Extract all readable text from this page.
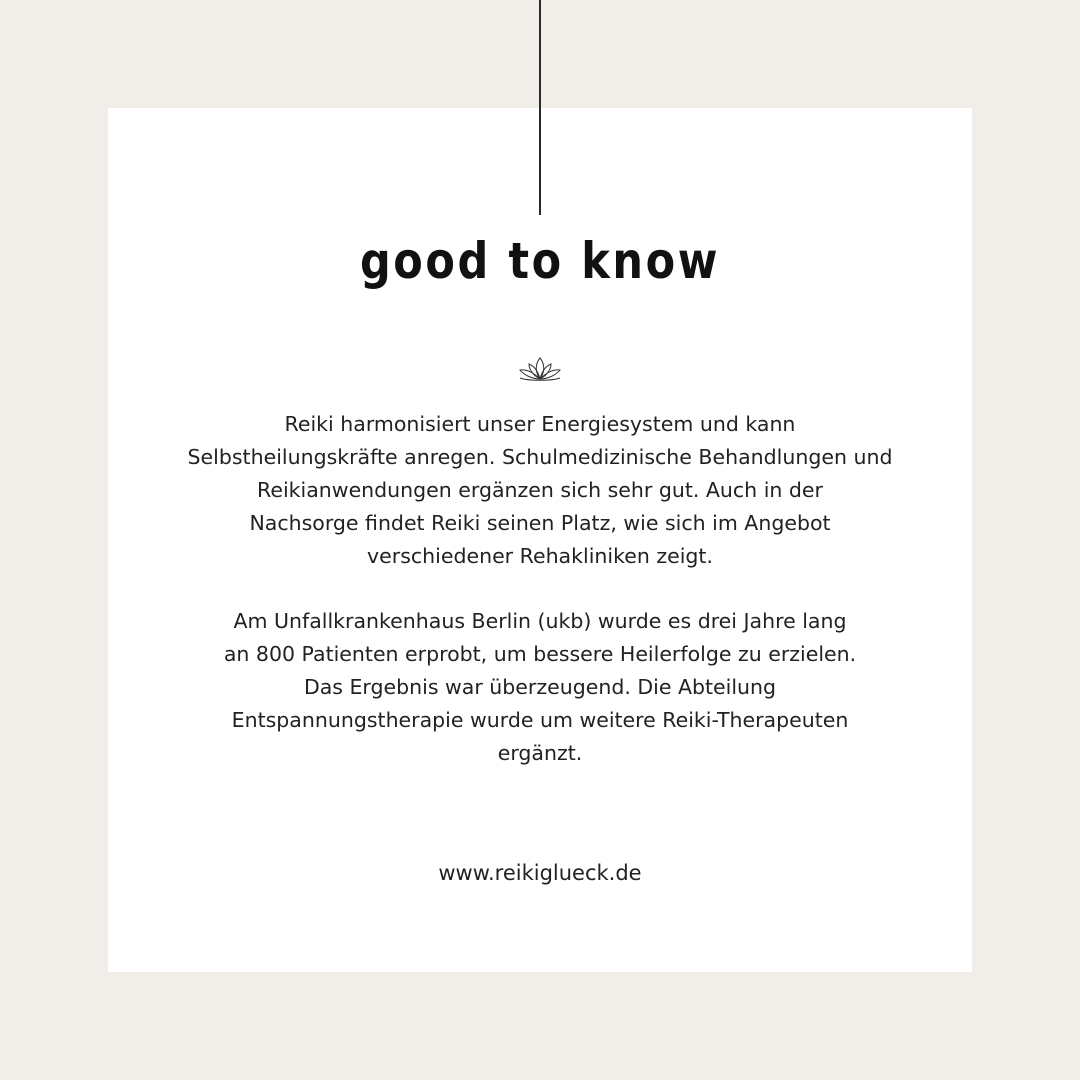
good to know
Reiki harmonisiert unser Energiesystem und kann
Selbstheilungskräfte anregen. Schulmedizinische Behandlungen und
Reikianwendungen ergänzen sich sehr gut. Auch in der
Nachsorge findet Reiki seinen Platz, wie sich im Angebot
verschiedener Rehakliniken zeigt.
Am Unfallkrankenhaus Berlin (ukb) wurde es drei Jahre lang
an 800 Patienten erprobt, um bessere Heilerfolge zu erzielen.
Das Ergebnis war überzeugend. Die Abteilung
Entspannungstherapie wurde um weitere Reiki-Therapeuten
ergänzt.
www.reikiglueck.de
